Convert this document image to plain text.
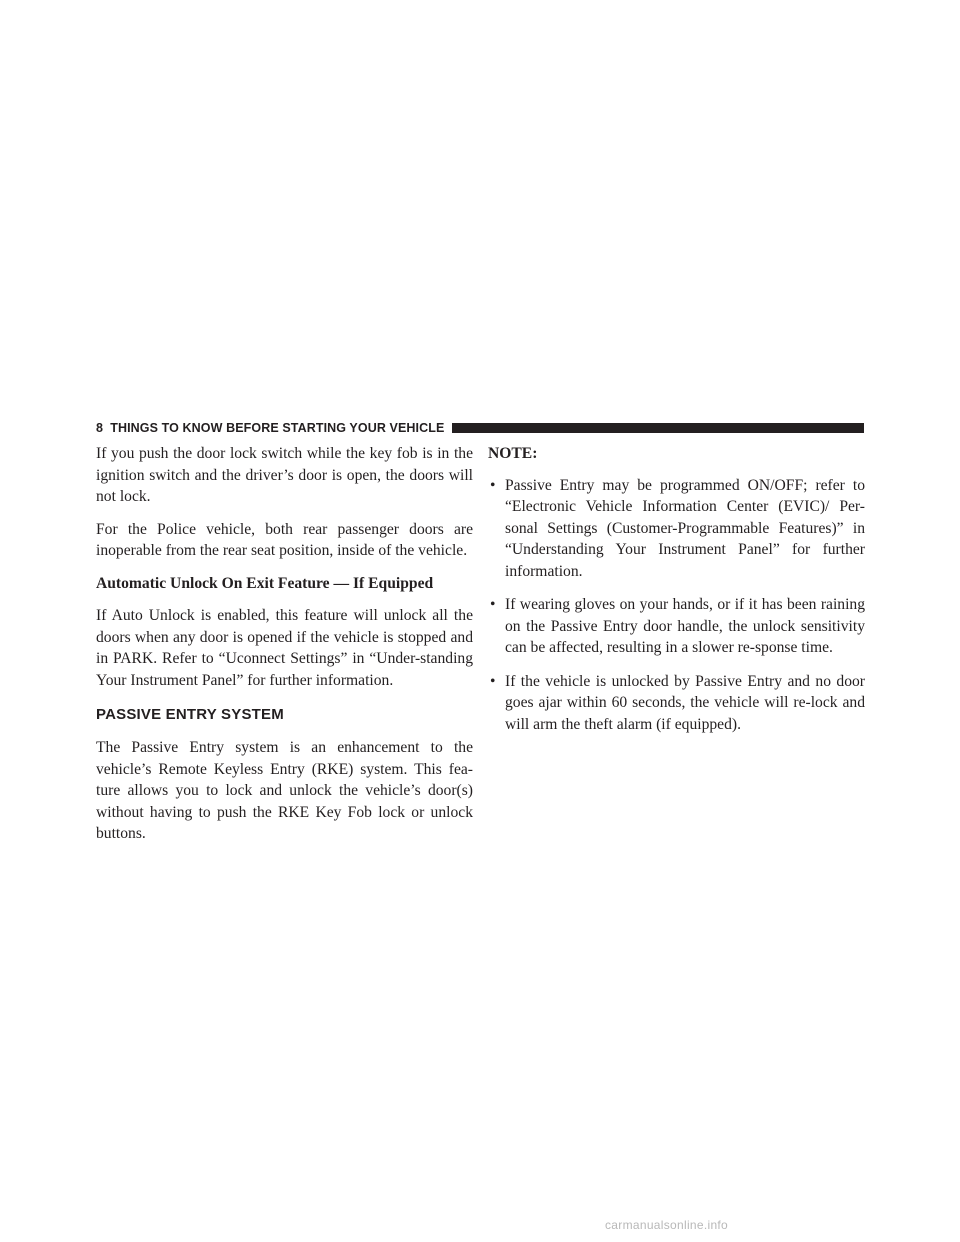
8 THINGS TO KNOW BEFORE STARTING YOUR VEHICLE

If you push the door lock switch while the key fob is in the ignition switch and the driver’s door is open, the doors will not lock.

For the Police vehicle, both rear passenger doors are inoperable from the rear seat position, inside of the vehicle.

Automatic Unlock On Exit Feature — If Equipped

If Auto Unlock is enabled, this feature will unlock all the doors when any door is opened if the vehicle is stopped and in PARK. Refer to “Uconnect Settings” in “Under-standing Your Instrument Panel” for further information.

PASSIVE ENTRY SYSTEM

The Passive Entry system is an enhancement to the vehicle’s Remote Keyless Entry (RKE) system. This fea-ture allows you to lock and unlock the vehicle’s door(s) without having to push the RKE Key Fob lock or unlock buttons.

NOTE:

• Passive Entry may be programmed ON/OFF; refer to “Electronic Vehicle Information Center (EVIC)/ Per-sonal Settings (Customer-Programmable Features)” in “Understanding Your Instrument Panel” for further information.

• If wearing gloves on your hands, or if it has been raining on the Passive Entry door handle, the unlock sensitivity can be affected, resulting in a slower re-sponse time.

• If the vehicle is unlocked by Passive Entry and no door goes ajar within 60 seconds, the vehicle will re-lock and will arm the theft alarm (if equipped).

carmanualsonline.info
